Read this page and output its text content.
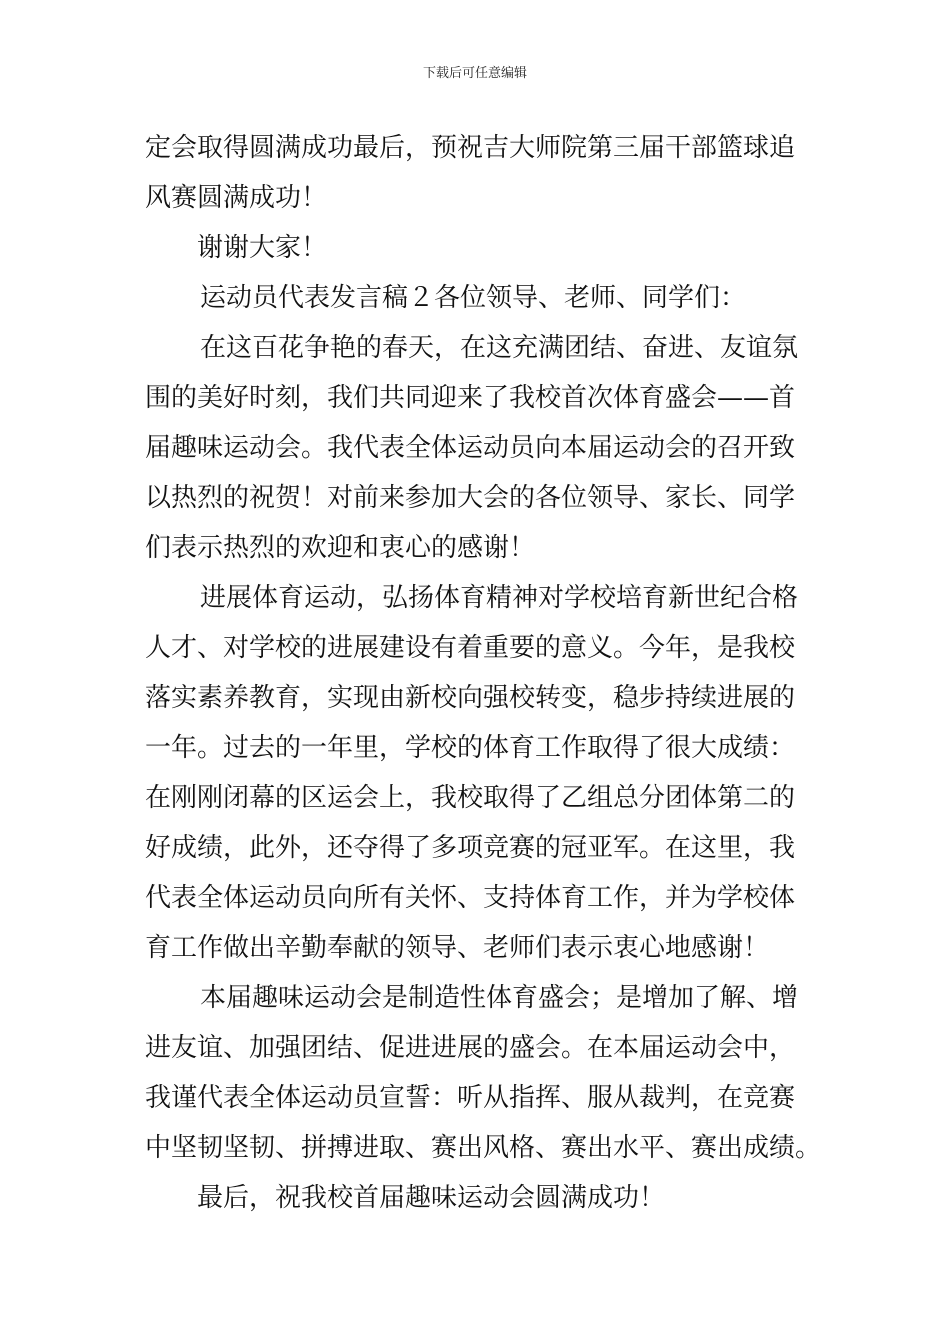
下载后可任意编辑
定会取得圆满成功最后，预祝吉大师院第三届干部篮球追
风赛圆满成功！
谢谢大家！
运动员代表发言稿２各位领导、老师、同学们：
在这百花争艳的春天，在这充满团结、奋进、友谊氛
围的美好时刻，我们共同迎来了我校首次体育盛会——首
届趣味运动会。我代表全体运动员向本届运动会的召开致
以热烈的祝贺！对前来参加大会的各位领导、家长、同学
们表示热烈的欢迎和衷心的感谢！
进展体育运动，弘扬体育精神对学校培育新世纪合格
人才、对学校的进展建设有着重要的意义。今年，是我校
落实素养教育，实现由新校向强校转变，稳步持续进展的
一年。过去的一年里，学校的体育工作取得了很大成绩：
在刚刚闭幕的区运会上，我校取得了乙组总分团体第二的
好成绩，此外，还夺得了多项竞赛的冠亚军。在这里，我
代表全体运动员向所有关怀、支持体育工作，并为学校体
育工作做出辛勤奉献的领导、老师们表示衷心地感谢！
本届趣味运动会是制造性体育盛会；是增加了解、增
进友谊、加强团结、促进进展的盛会。在本届运动会中，
我谨代表全体运动员宣誓：听从指挥、服从裁判，在竞赛
中坚韧坚韧、拼搏进取、赛出风格、赛出水平、赛出成绩。
最后，祝我校首届趣味运动会圆满成功！
